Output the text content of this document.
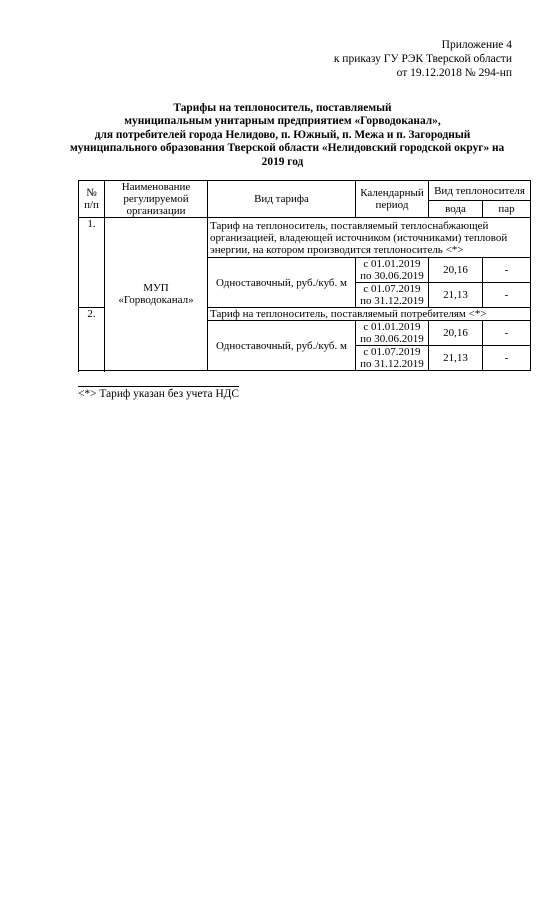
Приложение 4
к приказу ГУ РЭК Тверской области
от 19.12.2018 № 294-нп
Тарифы на теплоноситель, поставляемый
муниципальным унитарным предприятием «Горводоканал»,
для потребителей города Нелидово, п. Южный, п. Межа и п. Загородный
муниципального образования Тверской области «Нелидовский городской округ» на
2019 год
№ п/п	Наименование регулируемой организации	Вид тарифа	Календарный период	Вид теплоносителя	
				вода	пар
1.	МУП «Горводоканал»	Тариф на теплоноситель, поставляемый теплоснабжающей организацией, владеющей источником (источниками) тепловой энергии, на котором производится теплоноситель <*>			
		Одноставочный, руб./куб. м	с 01.01.2019 по 30.06.2019	20,16	-
			с 01.07.2019 по 31.12.2019	21,13	-
2.		Тариф на теплоноситель, поставляемый потребителям <*>			
		Одноставочный, руб./куб. м	с 01.01.2019 по 30.06.2019	20,16	-
			с 01.07.2019 по 31.12.2019	21,13	-

<*> Тариф указан без учета НДС
